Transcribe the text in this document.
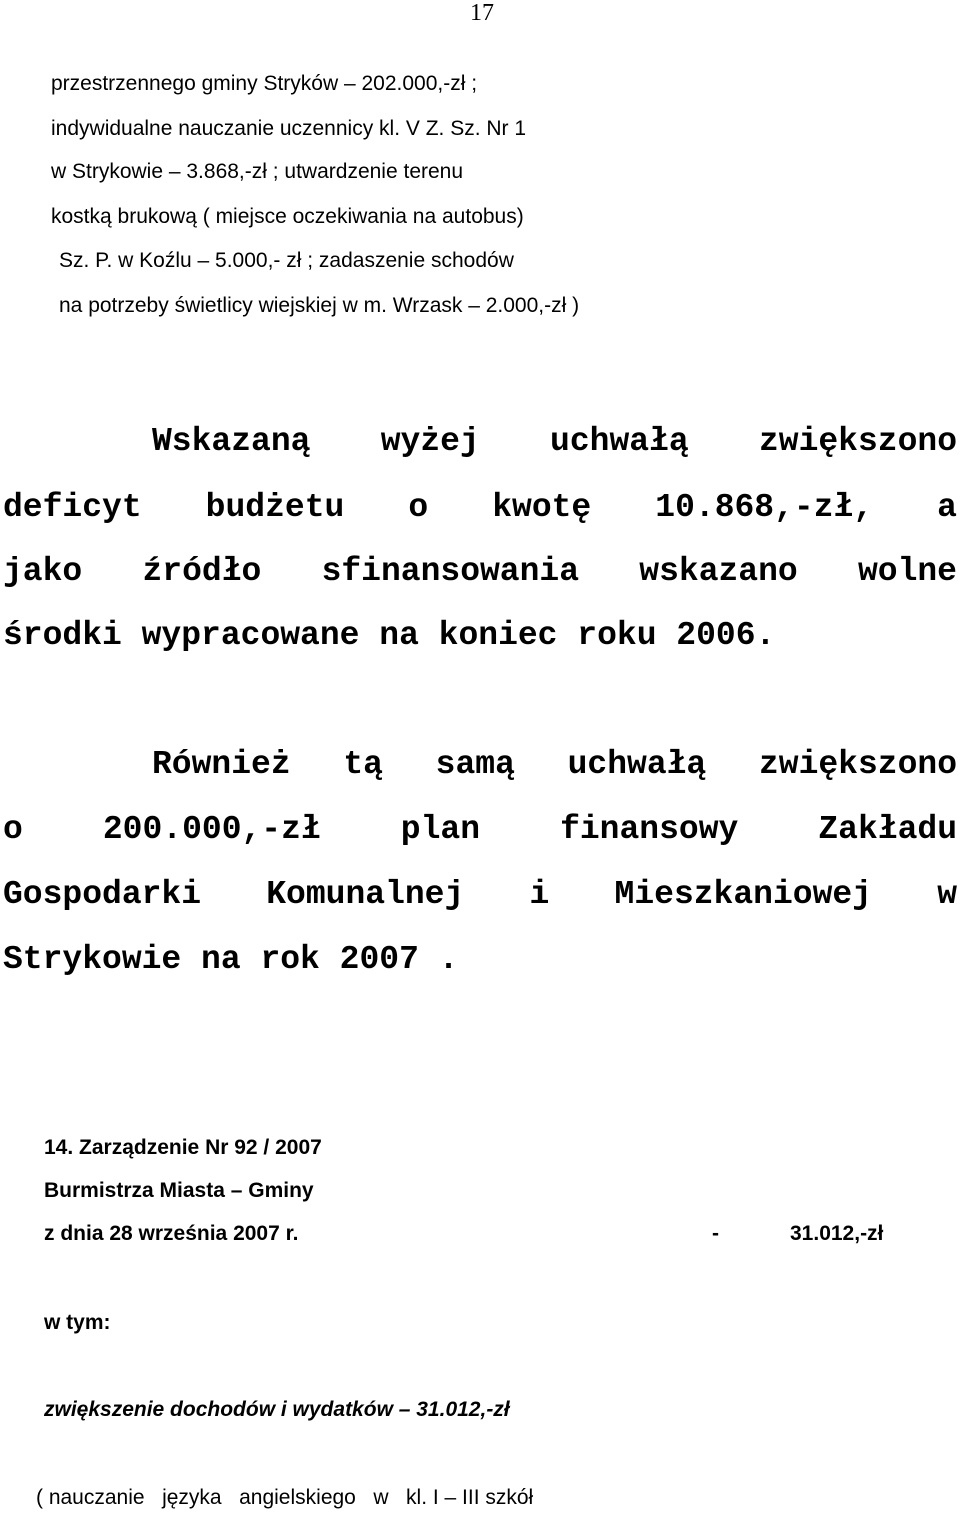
17
przestrzennego gminy Stryków – 202.000,-zł ;
indywidualne nauczanie uczennicy kl. V Z. Sz. Nr 1
w Strykowie – 3.868,-zł ; utwardzenie terenu
kostką brukową ( miejsce oczekiwania na autobus)
Sz. P. w Koźlu – 5.000,- zł ; zadaszenie schodów
na potrzeby świetlicy wiejskiej w m. Wrzask – 2.000,-zł )
Wskazaną wyżej uchwałą zwiększono
deficyt budżetu o kwotę 10.868,-zł, a
jako źródło sfinansowania wskazano wolne
środki wypracowane na koniec roku 2006.
Również tą samą uchwałą zwiększono
o 200.000,-zł plan finansowy Zakładu
Gospodarki Komunalnej i Mieszkaniowej w
Strykowie na rok 2007 .
14. Zarządzenie Nr 92 / 2007
Burmistrza Miasta – Gminy
z dnia 28 września 2007 r.	-	31.012,-zł
w tym:
zwiększenie dochodów i wydatków – 31.012,-zł
( nauczanie   języka   angielskiego   w   kl. I – III szkół
